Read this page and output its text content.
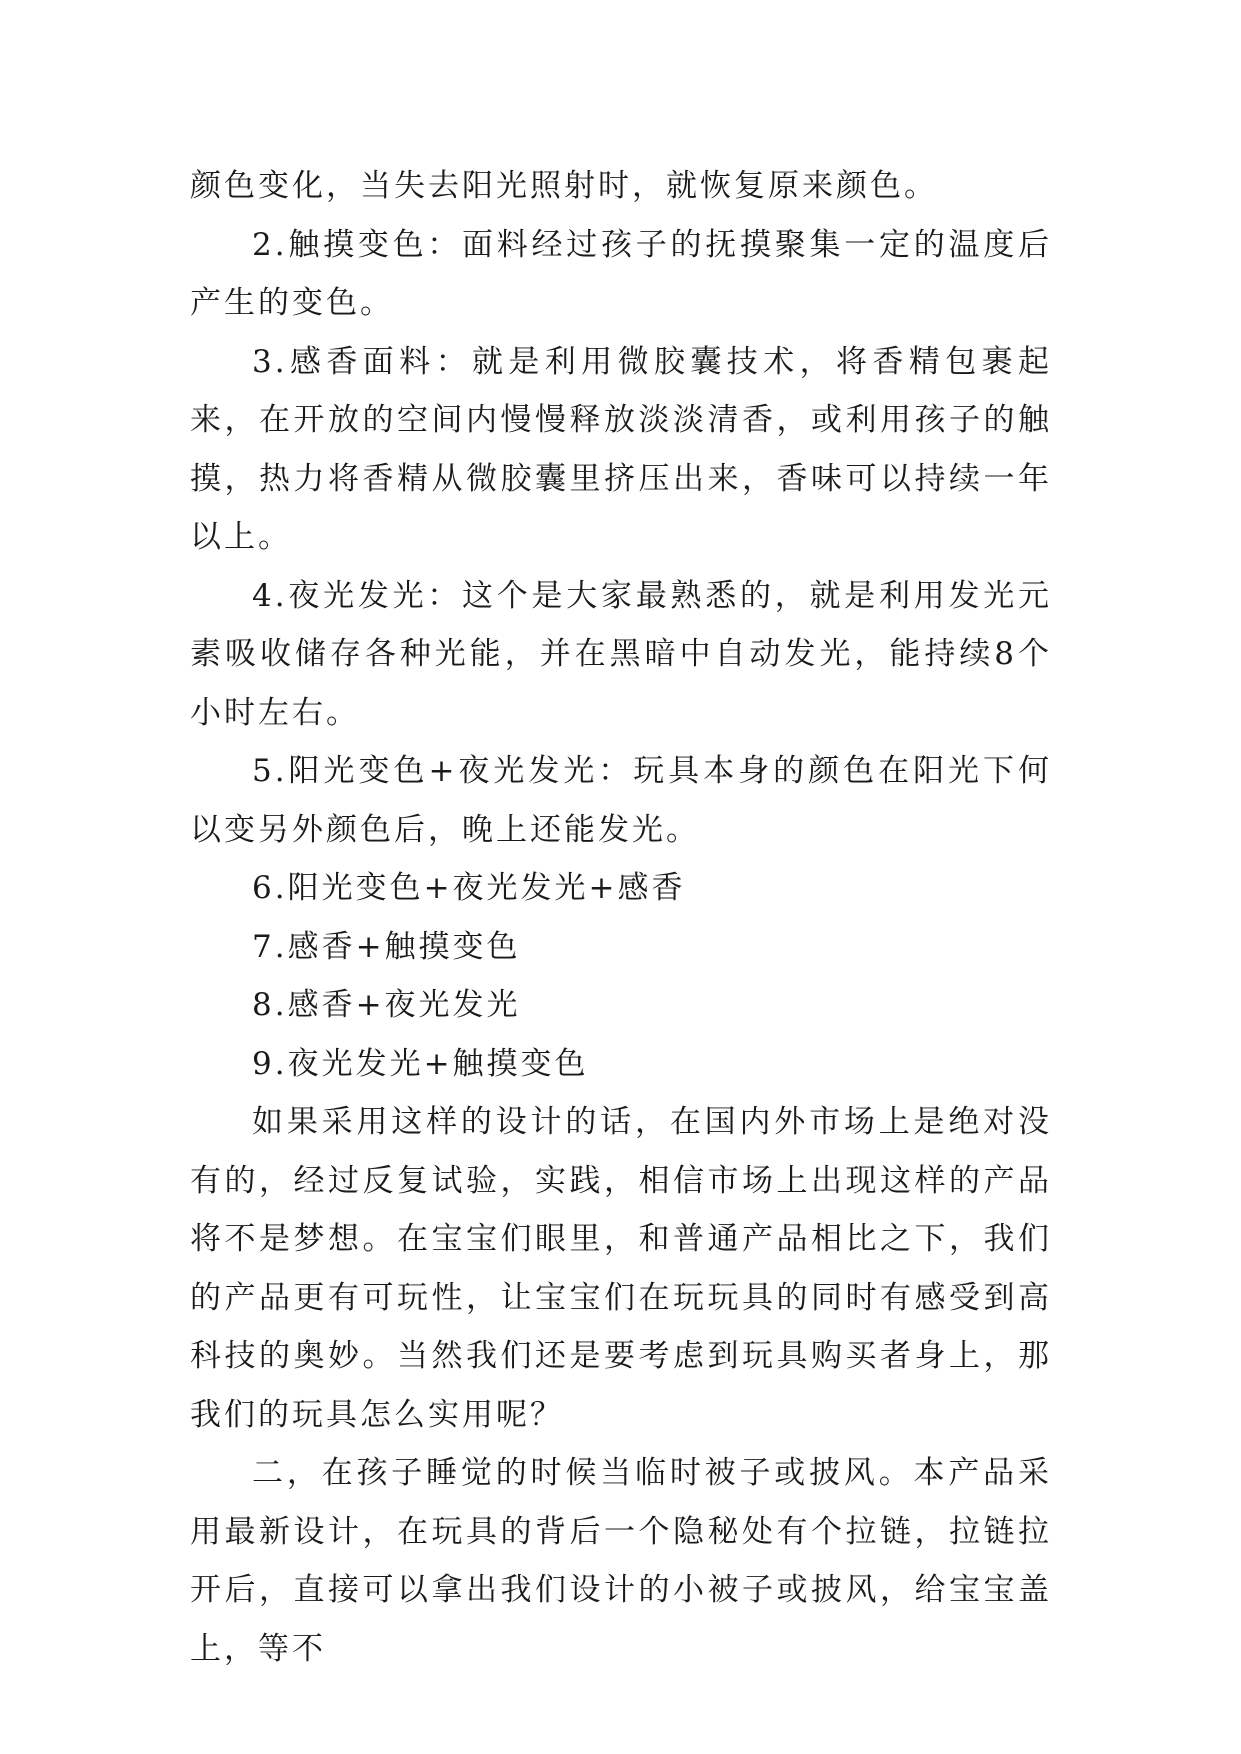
颜色变化，当失去阳光照射时，就恢复原来颜色。

2.触摸变色：面料经过孩子的抚摸聚集一定的温度后产生的变色。

3.感香面料：就是利用微胶囊技术，将香精包裹起来，在开放的空间内慢慢释放淡淡清香，或利用孩子的触摸，热力将香精从微胶囊里挤压出来，香味可以持续一年以上。

4.夜光发光：这个是大家最熟悉的，就是利用发光元素吸收储存各种光能，并在黑暗中自动发光，能持续8个小时左右。

5.阳光变色+夜光发光：玩具本身的颜色在阳光下何以变另外颜色后，晚上还能发光。

6.阳光变色+夜光发光+感香

7.感香+触摸变色

8.感香+夜光发光

9.夜光发光+触摸变色

如果采用这样的设计的话，在国内外市场上是绝对没有的，经过反复试验，实践，相信市场上出现这样的产品将不是梦想。在宝宝们眼里，和普通产品相比之下，我们的产品更有可玩性，让宝宝们在玩玩具的同时有感受到高科技的奥妙。当然我们还是要考虑到玩具购买者身上，那我们的玩具怎么实用呢？

二，在孩子睡觉的时候当临时被子或披风。本产品采用最新设计，在玩具的背后一个隐秘处有个拉链，拉链拉开后，直接可以拿出我们设计的小被子或披风，给宝宝盖上，等不
